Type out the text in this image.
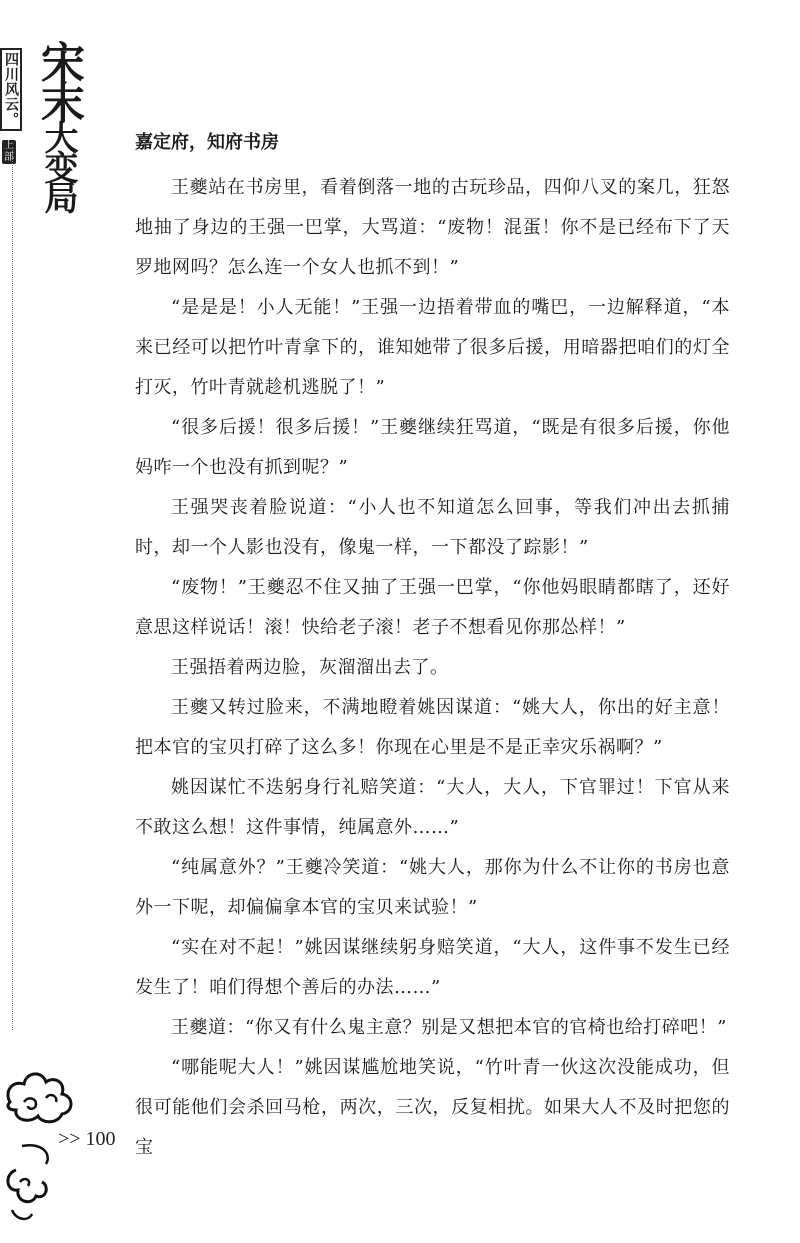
四川风云。
上部
宋末大变局
>> 100
嘉定府，知府书房

王夔站在书房里，看着倒落一地的古玩珍品，四仰八叉的案几，狂怒地抽了身边的王强一巴掌，大骂道：“废物！混蛋！你不是已经布下了天罗地网吗？怎么连一个女人也抓不到！”

“是是是！小人无能！”王强一边捂着带血的嘴巴，一边解释道，“本来已经可以把竹叶青拿下的，谁知她带了很多后援，用暗器把咱们的灯全打灭，竹叶青就趁机逃脱了！”

“很多后援！很多后援！”王夔继续狂骂道，“既是有很多后援，你他妈咋一个也没有抓到呢？”

王强哭丧着脸说道：“小人也不知道怎么回事，等我们冲出去抓捕时，却一个人影也没有，像鬼一样，一下都没了踪影！”

“废物！”王夔忍不住又抽了王强一巴掌，“你他妈眼睛都瞎了，还好意思这样说话！滚！快给老子滚！老子不想看见你那怂样！”

王强捂着两边脸，灰溜溜出去了。

王夔又转过脸来，不满地瞪着姚因谋道：“姚大人，你出的好主意！把本官的宝贝打碎了这么多！你现在心里是不是正幸灾乐祸啊？”

姚因谋忙不迭躬身行礼赔笑道：“大人，大人，下官罪过！下官从来不敢这么想！这件事情，纯属意外……”

“纯属意外？”王夔冷笑道：“姚大人，那你为什么不让你的书房也意外一下呢，却偏偏拿本官的宝贝来试验！”

“实在对不起！”姚因谋继续躬身赔笑道，“大人，这件事不发生已经发生了！咱们得想个善后的办法……”

王夔道：“你又有什么鬼主意？别是又想把本官的官椅也给打碎吧！”

“哪能呢大人！”姚因谋尴尬地笑说，“竹叶青一伙这次没能成功，但很可能他们会杀回马枪，两次，三次，反复相扰。如果大人不及时把您的宝
